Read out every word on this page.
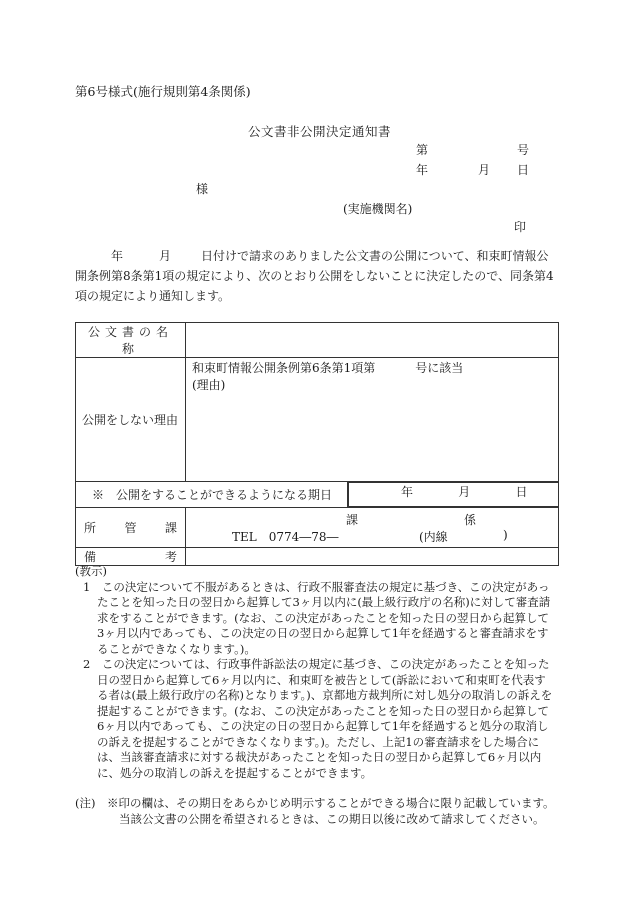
第6号様式(施行規則第4条関係)
公文書非公開決定通知書
第	号
年	月 日
様
(実施機関名)
印
年	月	日付けで請求のありました公文書の公開について、和束町情報公開条例第8条第1項の規定により、次のとおり公開をしないことに決定したので、同条第4項の規定により通知します。
公文書の名称	
公開をしない理由	和束町情報公開条例第6条第1項第 号に該当
(理由)

※　公開をすることができるようになる期日		年	月	日

所 管 課	課 係
TEL　0774―78― (内線 )

備 考	

(教示)

1　この決定について不服があるときは、行政不服審査法の規定に基づき、この決定があったことを知った日の翌日から起算して3ヶ月以内に(最上級行政庁の名称)に対して審査請求をすることができます。(なお、この決定があったことを知った日の翌日から起算して3ヶ月以内であっても、この決定の日の翌日から起算して1年を経過すると審査請求をすることができなくなります。)。

2　この決定については、行政事件訴訟法の規定に基づき、この決定があったことを知った日の翌日から起算して6ヶ月以内に、和束町を被告として(訴訟において和束町を代表する者は(最上級行政庁の名称)となります。)、京都地方裁判所に対し処分の取消しの訴えを提起することができます。(なお、この決定があったことを知った日の翌日から起算して6ヶ月以内であっても、この決定の日の翌日から起算して1年を経過すると処分の取消しの訴えを提起することができなくなります。)。ただし、上記1の審査請求をした場合には、当該審査請求に対する裁決があったことを知った日の翌日から起算して6ヶ月以内に、処分の取消しの訴えを提起することができます。

(注)　※印の欄は、その期日をあらかじめ明示することができる場合に限り記載しています。

当該公文書の公開を希望されるときは、この期日以後に改めて請求してください。
